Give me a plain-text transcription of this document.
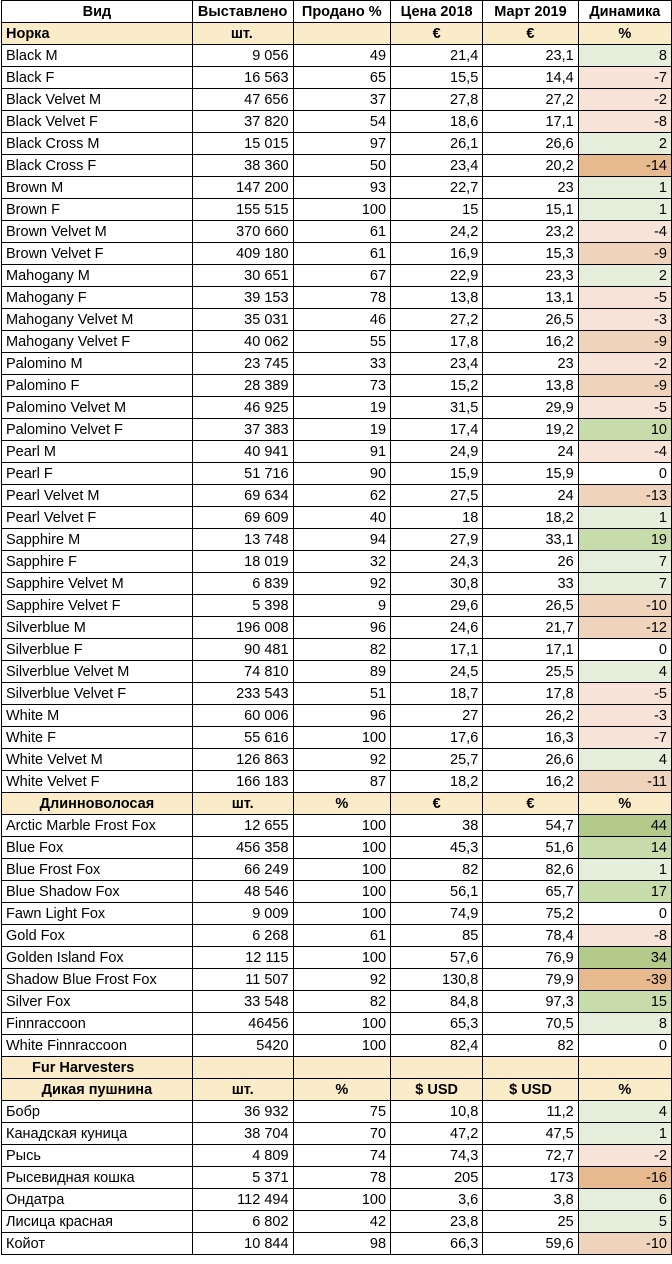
Вид	Выставлено	Продано %	Цена 2018	Март 2019	Динамика
Норка	шт.		€	€	%
Black M	9 056	49	21,4	23,1	8
Black F	16 563	65	15,5	14,4	-7
Black Velvet M	47 656	37	27,8	27,2	-2
Black Velvet F	37 820	54	18,6	17,1	-8
Black Cross M	15 015	97	26,1	26,6	2
Black Cross F	38 360	50	23,4	20,2	-14
Brown M	147 200	93	22,7	23	1
Brown F	155 515	100	15	15,1	1
Brown Velvet M	370 660	61	24,2	23,2	-4
Brown Velvet F	409 180	61	16,9	15,3	-9
Mahogany M	30 651	67	22,9	23,3	2
Mahogany F	39 153	78	13,8	13,1	-5
Mahogany Velvet M	35 031	46	27,2	26,5	-3
Mahogany Velvet F	40 062	55	17,8	16,2	-9
Palomino M	23 745	33	23,4	23	-2
Palomino F	28 389	73	15,2	13,8	-9
Palomino Velvet M	46 925	19	31,5	29,9	-5
Palomino Velvet F	37 383	19	17,4	19,2	10
Pearl M	40 941	91	24,9	24	-4
Pearl F	51 716	90	15,9	15,9	0
Pearl Velvet M	69 634	62	27,5	24	-13
Pearl Velvet F	69 609	40	18	18,2	1
Sapphire M	13 748	94	27,9	33,1	19
Sapphire F	18 019	32	24,3	26	7
Sapphire Velvet M	6 839	92	30,8	33	7
Sapphire Velvet F	5 398	9	29,6	26,5	-10
Silverblue M	196 008	96	24,6	21,7	-12
Silverblue F	90 481	82	17,1	17,1	0
Silverblue Velvet M	74 810	89	24,5	25,5	4
Silverblue Velvet F	233 543	51	18,7	17,8	-5
White M	60 006	96	27	26,2	-3
White F	55 616	100	17,6	16,3	-7
White Velvet M	126 863	92	25,7	26,6	4
White Velvet F	166 183	87	18,2	16,2	-11
Длинноволосая	шт.	%	€	€	%
Arctic Marble Frost Fox	12 655	100	38	54,7	44
Blue Fox	456 358	100	45,3	51,6	14
Blue Frost Fox	66 249	100	82	82,6	1
Blue Shadow Fox	48 546	100	56,1	65,7	17
Fawn Light Fox	9 009	100	74,9	75,2	0
Gold Fox	6 268	61	85	78,4	-8
Golden Island Fox	12 115	100	57,6	76,9	34
Shadow Blue Frost Fox	11 507	92	130,8	79,9	-39
Silver Fox	33 548	82	84,8	97,3	15
Finnraccoon	46456	100	65,3	70,5	8
White Finnraccoon	5420	100	82,4	82	0
Fur Harvesters					
Дикая пушнина	шт.	%	$ USD	$ USD	%
Бобр	36 932	75	10,8	11,2	4
Канадская куница	38 704	70	47,2	47,5	1
Рысь	4 809	74	74,3	72,7	-2
Рысевидная кошка	5 371	78	205	173	-16
Ондатра	112 494	100	3,6	3,8	6
Лисица красная	6 802	42	23,8	25	5
Койот	10 844	98	66,3	59,6	-10
